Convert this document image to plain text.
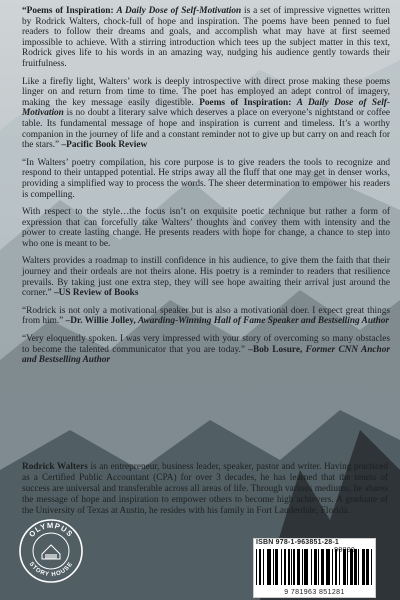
“Poems of Inspiration: A Daily Dose of Self-Motivation is a set of impressive vignettes written by Rodrick Walters, chock-full of hope and inspiration. The poems have been penned to fuel readers to follow their dreams and goals, and accomplish what may have at first seemed impossible to achieve. With a stirring introduction which tees up the subject matter in this text, Rodrick gives life to his words in an amazing way, nudging his audience gently towards their fruitfulness.

Like a firefly light, Walters’ work is deeply introspective with direct prose making these poems linger on and return from time to time. The poet has employed an adept control of imagery, making the key message easily digestible. Poems of Inspiration: A Daily Dose of Self-Motivation is no doubt a literary salve which deserves a place on everyone’s nightstand or coffee table. Its fundamental message of hope and inspiration is current and timeless. It’s a worthy companion in the journey of life and a constant reminder not to give up but carry on and reach for the stars.” –Pacific Book Review

“In Walters’ poetry compilation, his core purpose is to give readers the tools to recognize and respond to their untapped potential. He strips away all the fluff that one may get in denser works, providing a simplified way to process the words. The sheer determination to empower his readers is compelling.

With respect to the style…the focus isn’t on exquisite poetic technique but rather a form of expression that can forcefully take Walters’ thoughts and convey them with intensity and the power to create lasting change. He presents readers with hope for change, a chance to step into who one is meant to be.

Walters provides a roadmap to instill confidence in his audience, to give them the faith that their journey and their ordeals are not theirs alone. His poetry is a reminder to readers that resilience prevails. By taking just one extra step, they will see hope awaiting their arrival just around the corner.” –US Review of Books

“Rodrick is not only a motivational speaker but is also a motivational doer. I expect great things from him.” –Dr. Willie Jolley, Awarding-Winning Hall of Fame Speaker and Bestselling Author

“Very eloquently spoken. I was very impressed with your story of overcoming so many obstacles to become the talented communicator that you are today.” –Bob Losure, Former CNN Anchor and Bestselling Author

Rodrick Walters is an entrepreneur, business leader, speaker, pastor and writer. Having practiced as a Certified Public Accountant (CPA) for over 3 decades, he has learned that the tenets of success are universal and transferable across all areas of life. Through various mediums, he shares the message of hope and inspiration to empower others to become high achievers. A graduate of the University of Texas at Austin, he resides with his family in Fort Lauderdale, Florida.

OLYMPUS
STORY HOUSE
ISBN 978-1-963851-28-1
9 781963 851281
